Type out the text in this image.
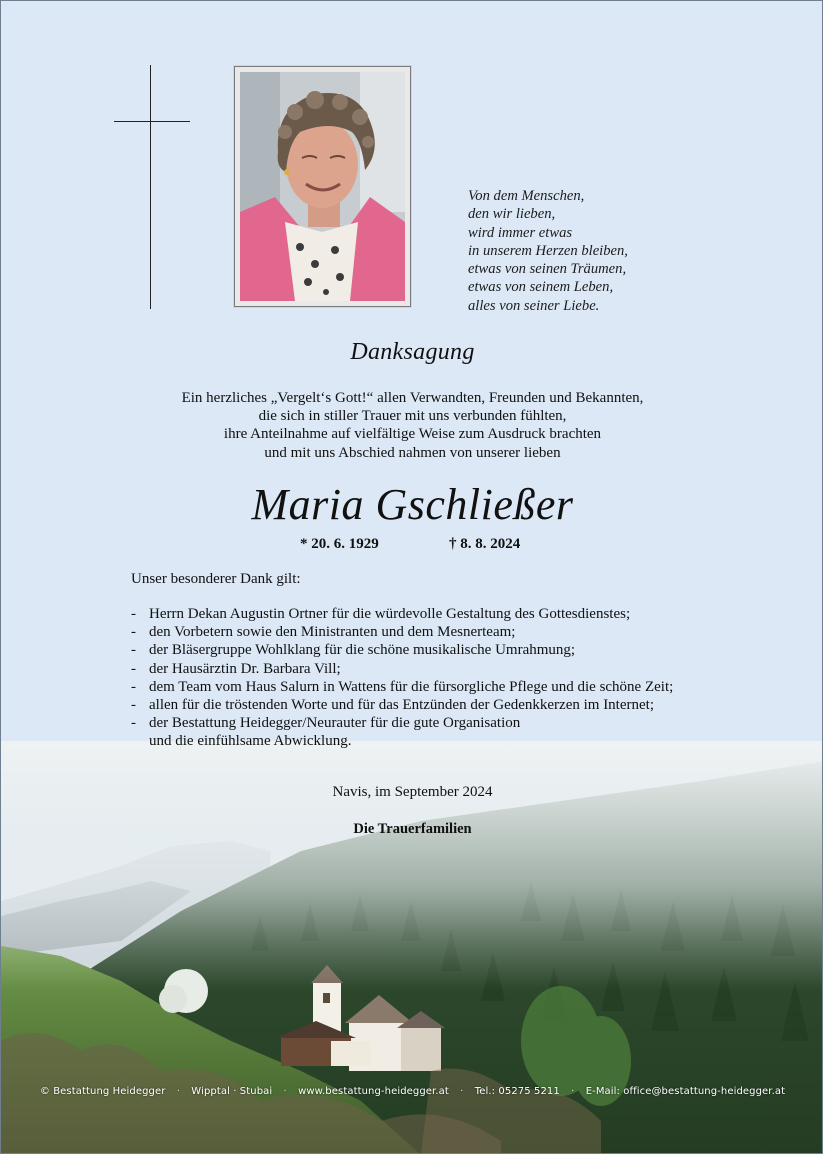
Von dem Menschen,
den wir lieben,
wird immer etwas
in unserem Herzen bleiben,
etwas von seinen Träumen,
etwas von seinem Leben,
alles von seiner Liebe.
Danksagung
Ein herzliches „Vergelt‘s Gott!“ allen Verwandten, Freunden und Bekannten,
die sich in stiller Trauer mit uns verbunden fühlten,
ihre Anteilnahme auf vielfältige Weise zum Ausdruck brachten
und mit uns Abschied nahmen von unserer lieben
Maria Gschließer
* 20. 6. 1929	† 8. 8. 2024
Unser besonderer Dank gilt:
- Herrn Dekan Augustin Ortner für die würdevolle Gestaltung des Gottesdienstes;
- den Vorbetern sowie den Ministranten und dem Mesnerteam;
- der Bläsergruppe Wohlklang für die schöne musikalische Umrahmung;
- der Hausärztin Dr. Barbara Vill;
- dem Team vom Haus Salurn in Wattens für die fürsorgliche Pflege und die schöne Zeit;
- allen für die tröstenden Worte und für das Entzünden der Gedenkkerzen im Internet;
- der Bestattung Heidegger/Neurauter für die gute Organisation
und die einfühlsame Abwicklung.
Navis, im September 2024
Die Trauerfamilien
© Bestattung Heidegger · Wipptal · Stubai · www.bestattung-heidegger.at · Tel.: 05275 5211 · E-Mail: office@bestattung-heidegger.at
